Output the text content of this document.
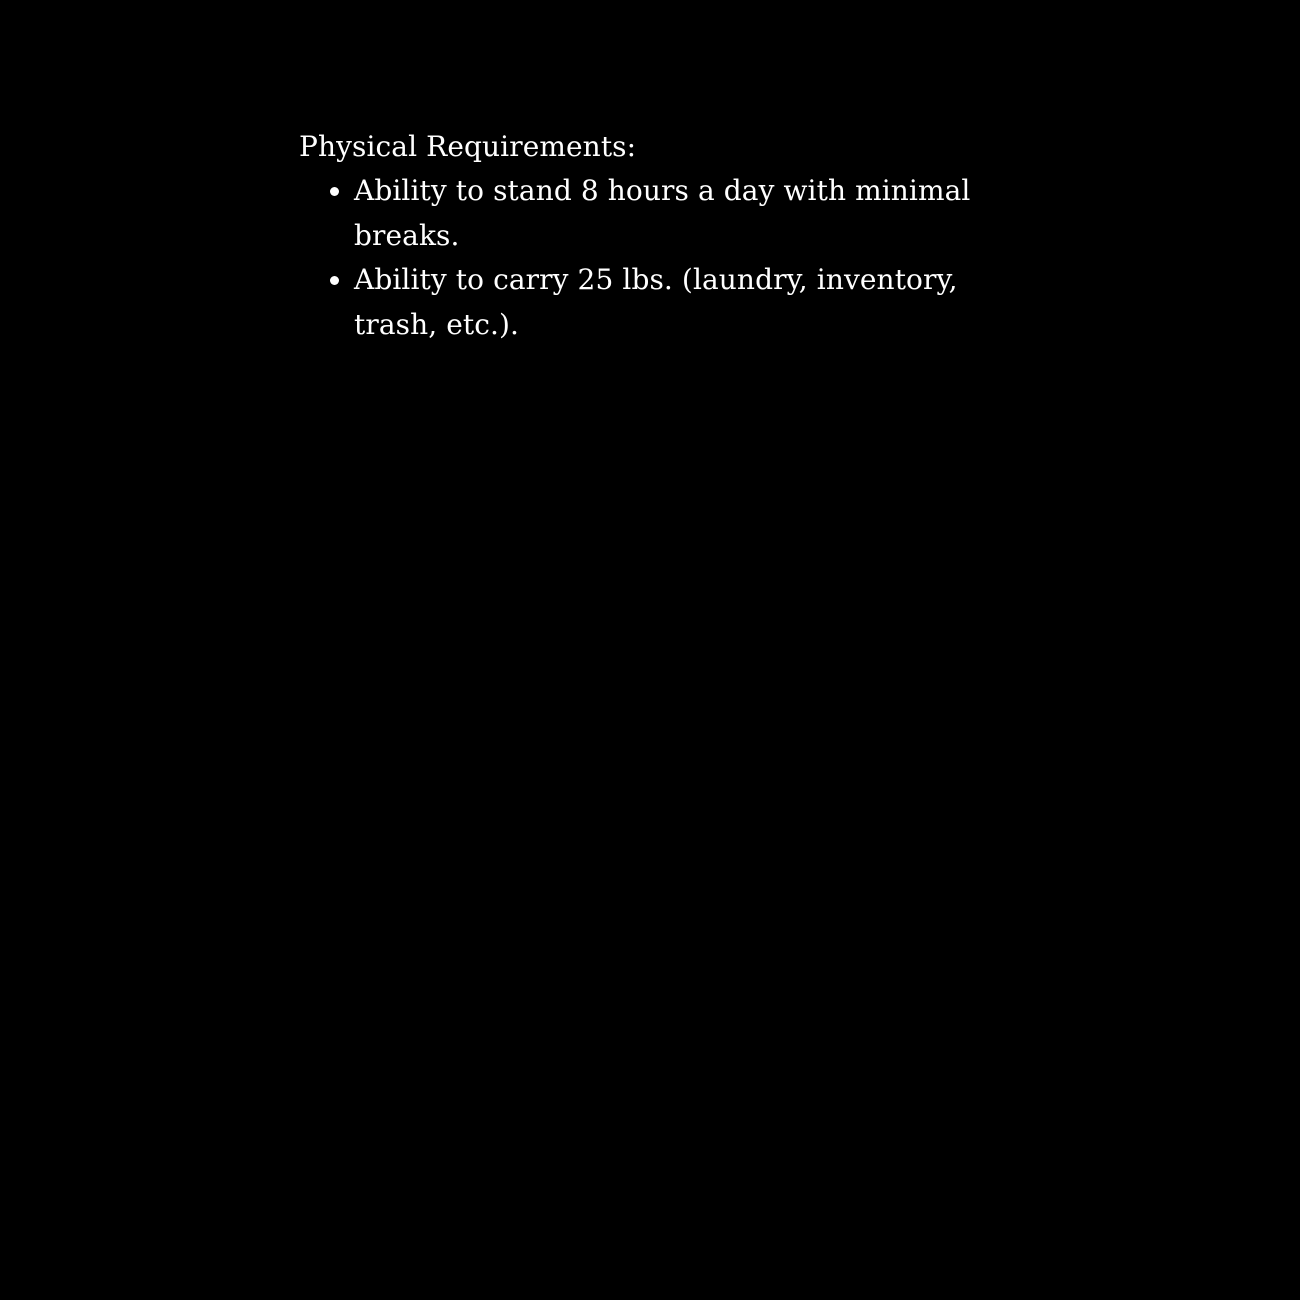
Physical Requirements:

Ability to stand 8 hours a day with minimal breaks.
Ability to carry 25 lbs. (laundry, inventory, trash, etc.).
